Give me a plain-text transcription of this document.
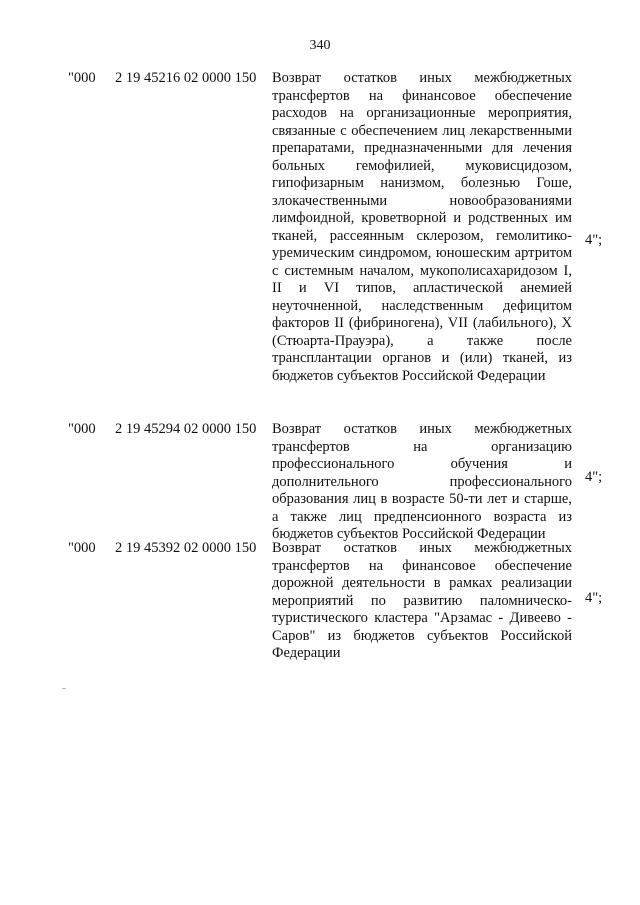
340
"000 2 19 45216 02 0000 150 Возврат остатков иных межбюджетных трансфертов на финансовое обеспечение расходов на организационные мероприятия, связанные с обеспечением лиц лекарственными препаратами, предназначенными для лечения больных гемофилией, муковисцидозом, гипофизарным нанизмом, болезнью Гоше, злокачественными новообразованиями лимфоидной, кроветворной и родственных им тканей, рассеянным склерозом, гемолитико-уремическим синдромом, юношеским артритом с системным началом, мукополисахаридозом I, II и VI типов, апластической анемией неуточненной, наследственным дефицитом факторов II (фибриногена), VII (лабильного), X (Стюарта-Прауэра), а также после трансплантации органов и (или) тканей, из бюджетов субъектов Российской Федерации
4";
"000 2 19 45294 02 0000 150 Возврат остатков иных межбюджетных трансфертов на организацию профессионального обучения и дополнительного профессионального образования лиц в возрасте 50-ти лет и старше, а также лиц предпенсионного возраста из бюджетов субъектов Российской Федерации
4";
"000 2 19 45392 02 0000 150 Возврат остатков иных межбюджетных трансфертов на финансовое обеспечение дорожной деятельности в рамках реализации мероприятий по развитию паломническо-туристического кластера "Арзамас - Дивеево - Саров" из бюджетов субъектов Российской Федерации
4";
